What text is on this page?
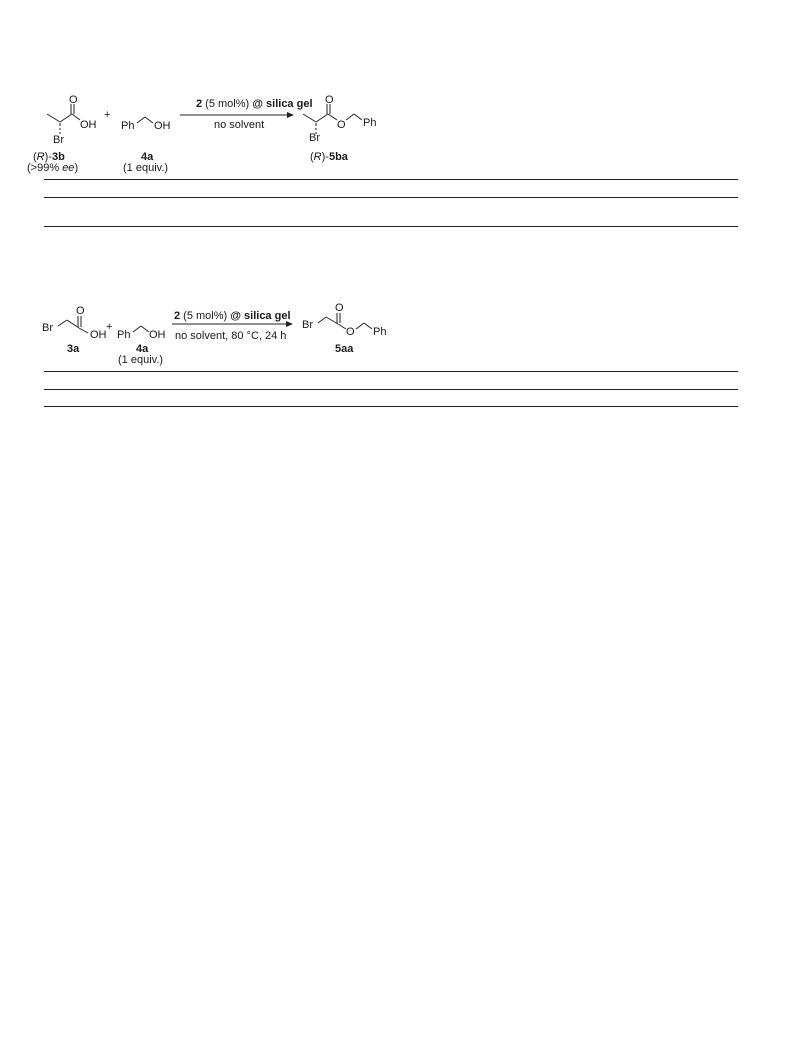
O
OH
Br
(R)-3b
(>99% ee)
+
Ph OH
4a
(1 equiv.)
2 (5 mol%) @ silica gel
no solvent
O
O Ph
Br
(R)-5ba
Br
O
OH
3a
+
Ph OH
4a
(1 equiv.)
2 (5 mol%) @ silica gel
no solvent, 80 °C, 24 h
Br
O
O Ph
5aa
